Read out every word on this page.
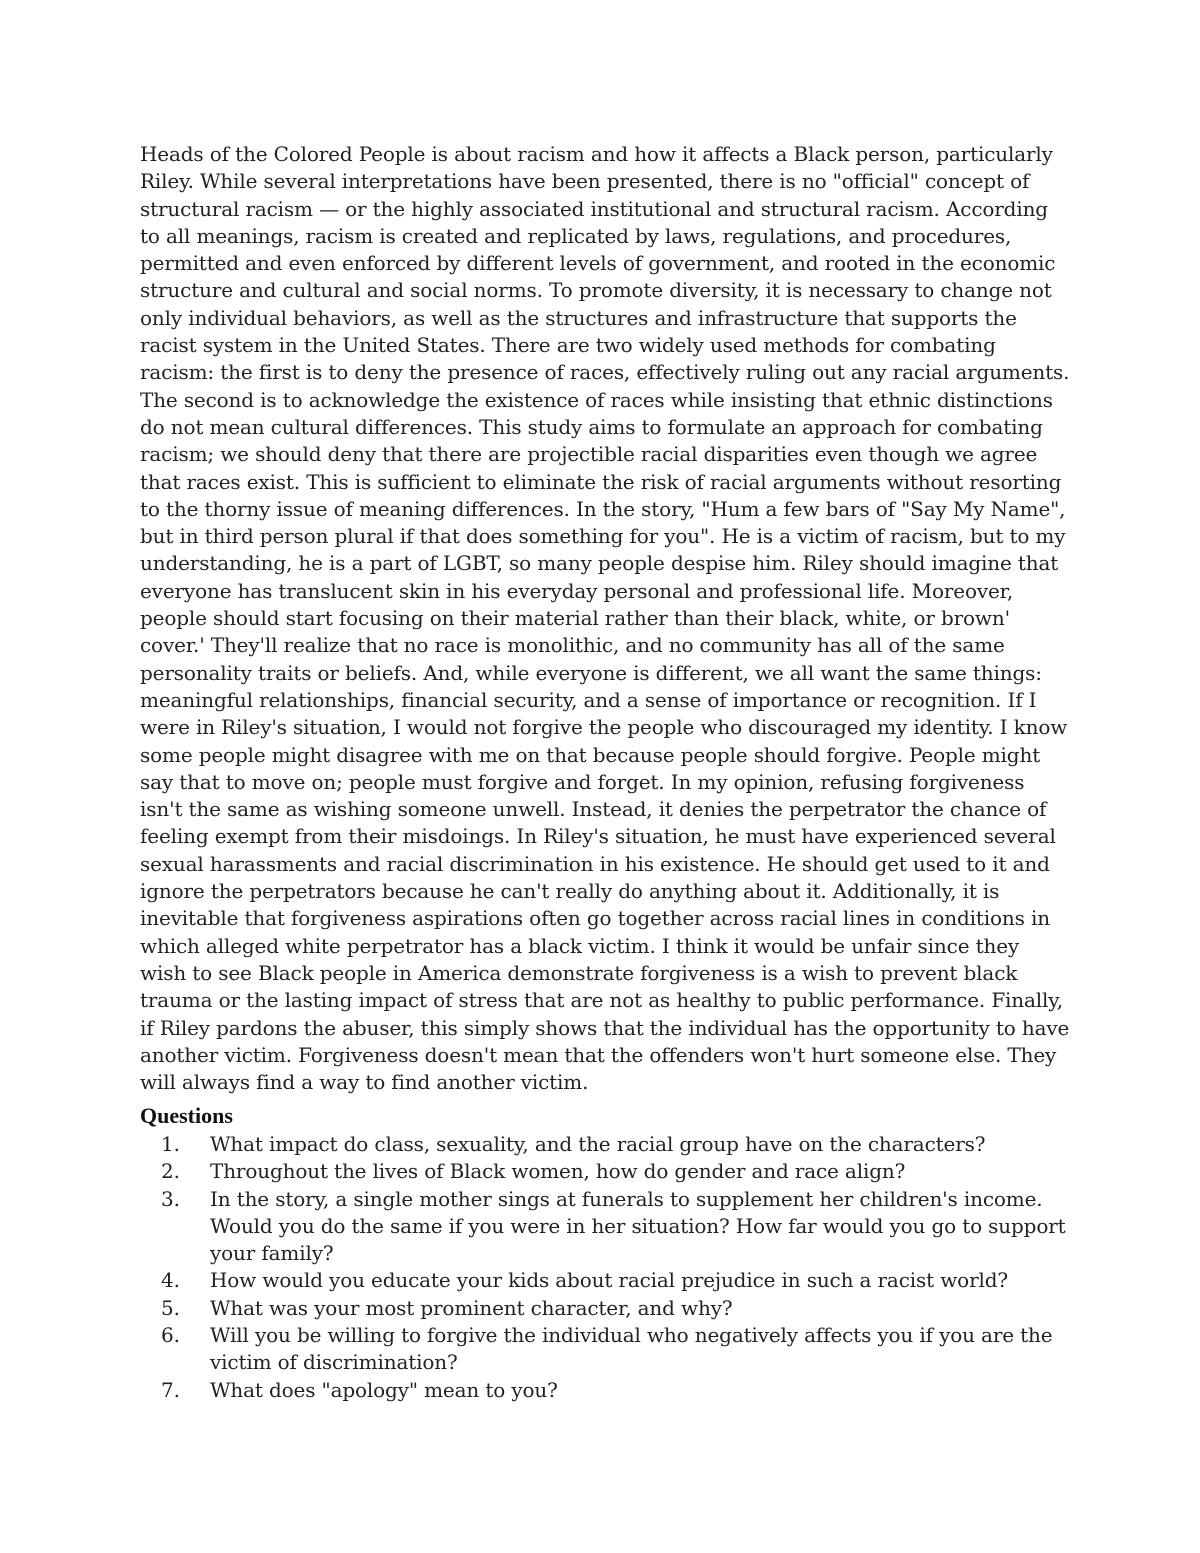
Heads of the Colored People is about racism and how it affects a Black person, particularly Riley. While several interpretations have been presented, there is no "official" concept of structural racism — or the highly associated institutional and structural racism. According to all meanings, racism is created and replicated by laws, regulations, and procedures, permitted and even enforced by different levels of government, and rooted in the economic structure and cultural and social norms. To promote diversity, it is necessary to change not only individual behaviors, as well as the structures and infrastructure that supports the racist system in the United States. There are two widely used methods for combating racism: the first is to deny the presence of races, effectively ruling out any racial arguments. The second is to acknowledge the existence of races while insisting that ethnic distinctions do not mean cultural differences. This study aims to formulate an approach for combating racism; we should deny that there are projectible racial disparities even though we agree that races exist. This is sufficient to eliminate the risk of racial arguments without resorting to the thorny issue of meaning differences. In the story, "Hum a few bars of "Say My Name", but in third person plural if that does something for you". He is a victim of racism, but to my understanding, he is a part of LGBT, so many people despise him. Riley should imagine that everyone has translucent skin in his everyday personal and professional life. Moreover, people should start focusing on their material rather than their black, white, or brown' cover.' They'll realize that no race is monolithic, and no community has all of the same personality traits or beliefs. And, while everyone is different, we all want the same things: meaningful relationships, financial security, and a sense of importance or recognition. If I were in Riley's situation, I would not forgive the people who discouraged my identity. I know some people might disagree with me on that because people should forgive. People might say that to move on; people must forgive and forget. In my opinion, refusing forgiveness isn't the same as wishing someone unwell. Instead, it denies the perpetrator the chance of feeling exempt from their misdoings. In Riley's situation, he must have experienced several sexual harassments and racial discrimination in his existence. He should get used to it and ignore the perpetrators because he can't really do anything about it. Additionally, it is inevitable that forgiveness aspirations often go together across racial lines in conditions in which alleged white perpetrator has a black victim. I think it would be unfair since they wish to see Black people in America demonstrate forgiveness is a wish to prevent black trauma or the lasting impact of stress that are not as healthy to public performance. Finally, if Riley pardons the abuser, this simply shows that the individual has the opportunity to have another victim. Forgiveness doesn't mean that the offenders won't hurt someone else. They will always find a way to find another victim.

Questions
1.	What impact do class, sexuality, and the racial group have on the characters?
2.	Throughout the lives of Black women, how do gender and race align?
3.	In the story, a single mother sings at funerals to supplement her children's income. Would you do the same if you were in her situation? How far would you go to support your family?
4.	How would you educate your kids about racial prejudice in such a racist world?
5.	What was your most prominent character, and why?
6.	Will you be willing to forgive the individual who negatively affects you if you are the victim of discrimination?
7.	What does "apology" mean to you?
